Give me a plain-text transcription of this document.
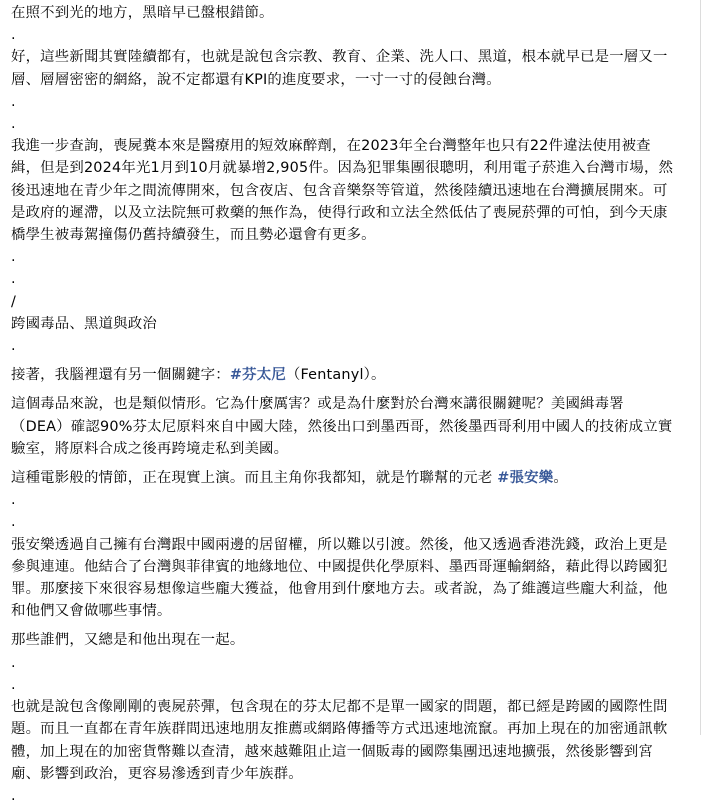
在照不到光的地方，黑暗早已盤根錯節。

.

好，這些新聞其實陸續都有，也就是說包含宗教、教育、企業、洗人口、黑道，根本就早已是一層又一

層、層層密密的網絡，說不定都還有KPI的進度要求，一寸一寸的侵蝕台灣。

.

.

我進一步查詢，喪屍糞本來是醫療用的短效麻醉劑，在2023年全台灣整年也只有22件違法使用被查

緝，但是到2024年光1月到10月就暴增2,905件。因為犯罪集團很聰明，利用電子菸進入台灣市場，然

後迅速地在青少年之間流傳開來，包含夜店、包含音樂祭等管道，然後陸續迅速地在台灣擴展開來。可

是政府的遲滯，以及立法院無可救藥的無作為，使得行政和立法全然低估了喪屍菸彈的可怕，到今天康

橋學生被毒駕撞傷仍舊持續發生，而且勢必還會有更多。

.

.

/

跨國毒品、黑道與政治

.

接著，我腦裡還有另一個關鍵字：#芬太尼（Fentanyl）。

這個毒品來說，也是類似情形。它為什麼厲害？或是為什麼對於台灣來講很關鍵呢？美國緝毒署

（DEA）確認90%芬太尼原料來自中國大陸，然後出口到墨西哥，然後墨西哥利用中國人的技術成立實

驗室，將原料合成之後再跨境走私到美國。

這種電影般的情節，正在現實上演。而且主角你我都知，就是竹聯幫的元老 #張安樂。

.

.

張安樂透過自己擁有台灣跟中國兩邊的居留權，所以難以引渡。然後，他又透過香港洗錢，政治上更是

參與連連。他結合了台灣與菲律賓的地緣地位、中國提供化學原料、墨西哥運輸網絡，藉此得以跨國犯

罪。那麼接下來很容易想像這些龐大獲益，他會用到什麼地方去。或者說，為了維護這些龐大利益，他

和他們又會做哪些事情。

那些誰們，又總是和他出現在一起。

.

.

也就是說包含像剛剛的喪屍菸彈，包含現在的芬太尼都不是單一國家的問題，都已經是跨國的國際性問

題。而且一直都在青年族群間迅速地朋友推薦或網路傳播等方式迅速地流竄。再加上現在的加密通訊軟

體，加上現在的加密貨幣難以查清，越來越難阻止這一個販毒的國際集團迅速地擴張，然後影響到宮

廟、影響到政治，更容易滲透到青少年族群。

.
